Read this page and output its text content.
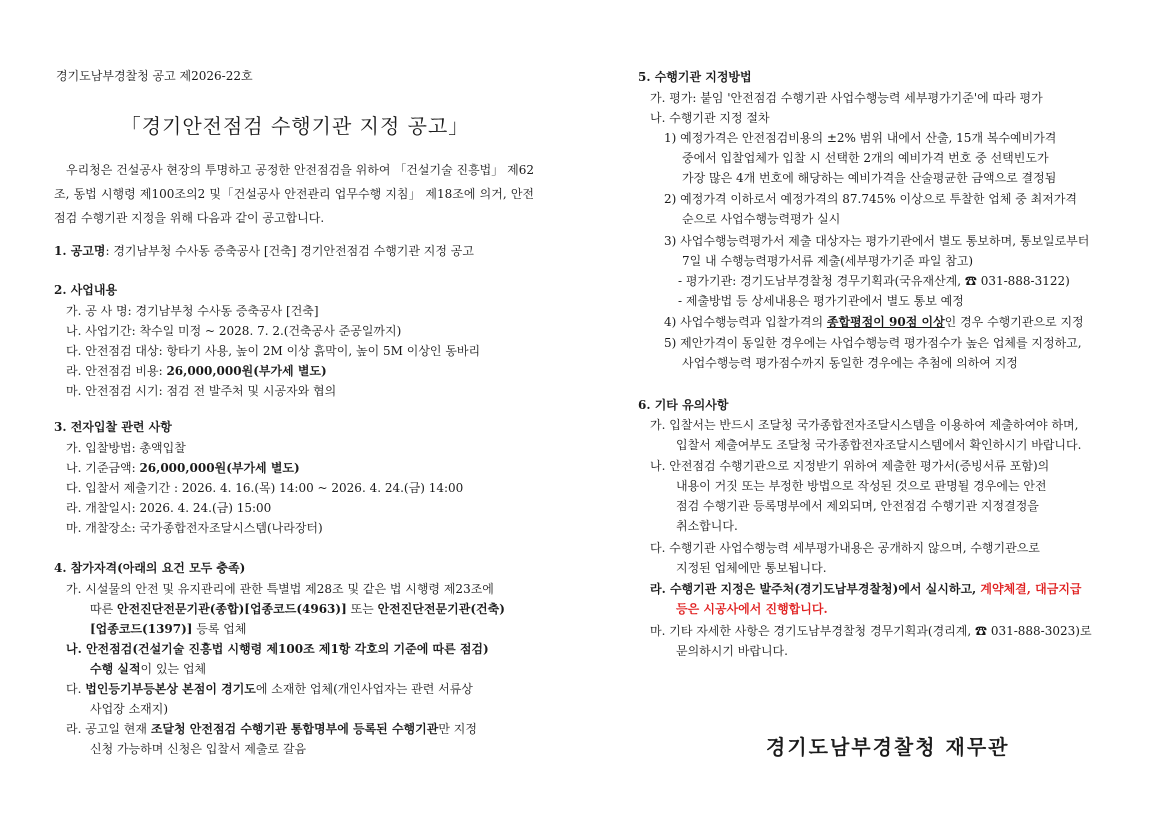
경기도남부경찰청 공고 제2026-22호
「경기안전점검 수행기관 지정 공고」
우리청은 건설공사 현장의 투명하고 공정한 안전점검을 위하여 「건설기술 진흥법」 제62조, 동법 시행령 제100조의2 및「건설공사 안전관리 업무수행 지침」 제18조에 의거, 안전점검 수행기관 지정을 위해 다음과 같이 공고합니다.
1. 공고명: 경기남부청 수사동 증축공사 [건축] 경기안전점검 수행기관 지정 공고
2. 사업내용
가. 공 사 명: 경기남부청 수사동 증축공사 [건축]
나. 사업기간: 착수일 미정 ~ 2028. 7. 2.(건축공사 준공일까지)
다. 안전점검 대상: 항타기 사용, 높이 2M 이상 흙막이, 높이 5M 이상인 동바리
라. 안전점검 비용: 26,000,000원(부가세 별도)
마. 안전점검 시기: 점검 전 발주처 및 시공자와 협의
3. 전자입찰 관련 사항
가. 입찰방법: 총액입찰
나. 기준금액: 26,000,000원(부가세 별도)
다. 입찰서 제출기간 : 2026. 4. 16.(목) 14:00 ~ 2026. 4. 24.(금) 14:00
라. 개찰일시: 2026. 4. 24.(금) 15:00
마. 개찰장소: 국가종합전자조달시스템(나라장터)
4. 참가자격(아래의 요건 모두 충족)
가. 시설물의 안전 및 유지관리에 관한 특별법 제28조 및 같은 법 시행령 제23조에
따른 안전진단전문기관(종합)[업종코드(4963)] 또는 안전진단전문기관(건축)
[업종코드(1397)] 등록 업체
나. 안전점검(건설기술 진흥법 시행령 제100조 제1항 각호의 기준에 따른 점검)
수행 실적이 있는 업체
다. 법인등기부등본상 본점이 경기도에 소재한 업체(개인사업자는 관련 서류상
사업장 소재지)
라. 공고일 현재 조달청 안전점검 수행기관 통합명부에 등록된 수행기관만 지정
신청 가능하며 신청은 입찰서 제출로 갈음
5. 수행기관 지정방법
가. 평가: 붙임 '안전점검 수행기관 사업수행능력 세부평가기준'에 따라 평가
나. 수행기관 지정 절차
1) 예정가격은 안전점검비용의 ±2% 범위 내에서 산출, 15개 복수예비가격
중에서 입찰업체가 입찰 시 선택한 2개의 예비가격 번호 중 선택빈도가
가장 많은 4개 번호에 해당하는 예비가격을 산술평균한 금액으로 결정됨
2) 예정가격 이하로서 예정가격의 87.745% 이상으로 투찰한 업체 중 최저가격
순으로 사업수행능력평가 실시
3) 사업수행능력평가서 제출 대상자는 평가기관에서 별도 통보하며, 통보일로부터
7일 내 수행능력평가서류 제출(세부평가기준 파일 참고)
- 평가기관: 경기도남부경찰청 경무기획과(국유재산계, ☎ 031-888-3122)
- 제출방법 등 상세내용은 평가기관에서 별도 통보 예정
4) 사업수행능력과 입찰가격의 종합평점이 90점 이상인 경우 수행기관으로 지정
5) 제안가격이 동일한 경우에는 사업수행능력 평가점수가 높은 업체를 지정하고,
사업수행능력 평가점수까지 동일한 경우에는 추첨에 의하여 지정
6. 기타 유의사항
가. 입찰서는 반드시 조달청 국가종합전자조달시스템을 이용하여 제출하여야 하며,
입찰서 제출여부도 조달청 국가종합전자조달시스템에서 확인하시기 바랍니다.
나. 안전점검 수행기관으로 지정받기 위하여 제출한 평가서(증빙서류 포함)의
내용이 거짓 또는 부정한 방법으로 작성된 것으로 판명될 경우에는 안전
점검 수행기관 등록명부에서 제외되며, 안전점검 수행기관 지정결정을
취소합니다.
다. 수행기관 사업수행능력 세부평가내용은 공개하지 않으며, 수행기관으로
지정된 업체에만 통보됩니다.
라. 수행기관 지정은 발주처(경기도남부경찰청)에서 실시하고, 계약체결, 대금지급
등은 시공사에서 진행합니다.
마. 기타 자세한 사항은 경기도남부경찰청 경무기획과(경리계, ☎ 031-888-3023)로
문의하시기 바랍니다.
경기도남부경찰청 재무관
